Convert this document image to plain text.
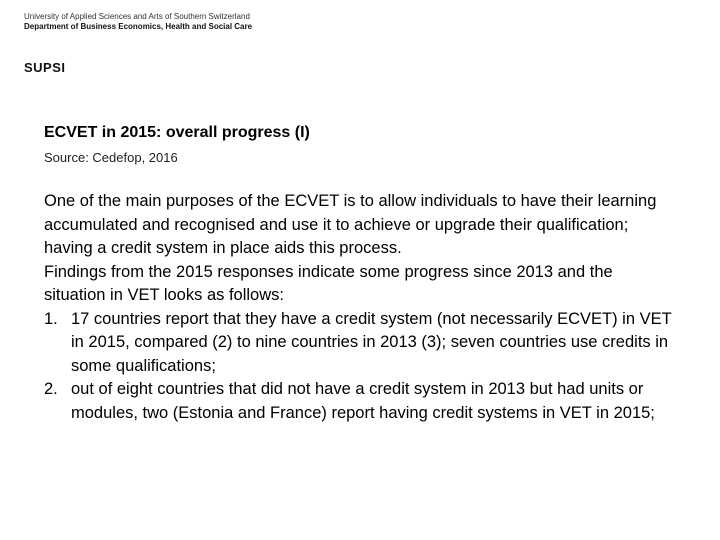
University of Applied Sciences and Arts of Southern Switzerland
Department of Business Economics, Health and Social Care
SUPSI
ECVET in 2015: overall progress (I)
Source: Cedefop, 2016

One of the main purposes of the ECVET is to allow individuals to have their learning accumulated and recognised and use it to achieve or upgrade their qualification; having a credit system in place aids this process.

Findings from the 2015 responses indicate some progress since 2013 and the situation in VET looks as follows:

1. 17 countries report that they have a credit system (not necessarily ECVET) in VET in 2015, compared (2) to nine countries in 2013 (3); seven countries use credits in some qualifications;
2. out of eight countries that did not have a credit system in 2013 but had units or modules, two (Estonia and France) report having credit systems in VET in 2015;
